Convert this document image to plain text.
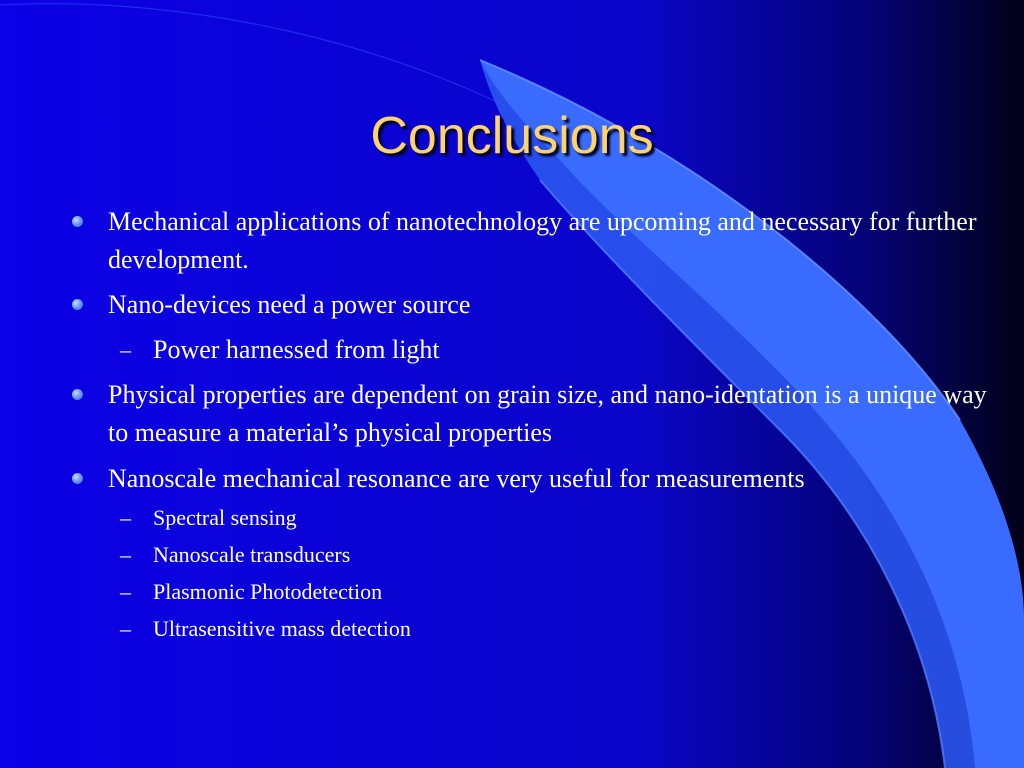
Conclusions
Mechanical applications of nanotechnology are upcoming and necessary for further development.
Nano-devices need a power source
– Power harnessed from light
Physical properties are dependent on grain size, and nano-identation is a unique way to measure a material’s physical properties
Nanoscale mechanical resonance are very useful for measurements
– Spectral sensing
– Nanoscale transducers
– Plasmonic Photodetection
– Ultrasensitive mass detection
